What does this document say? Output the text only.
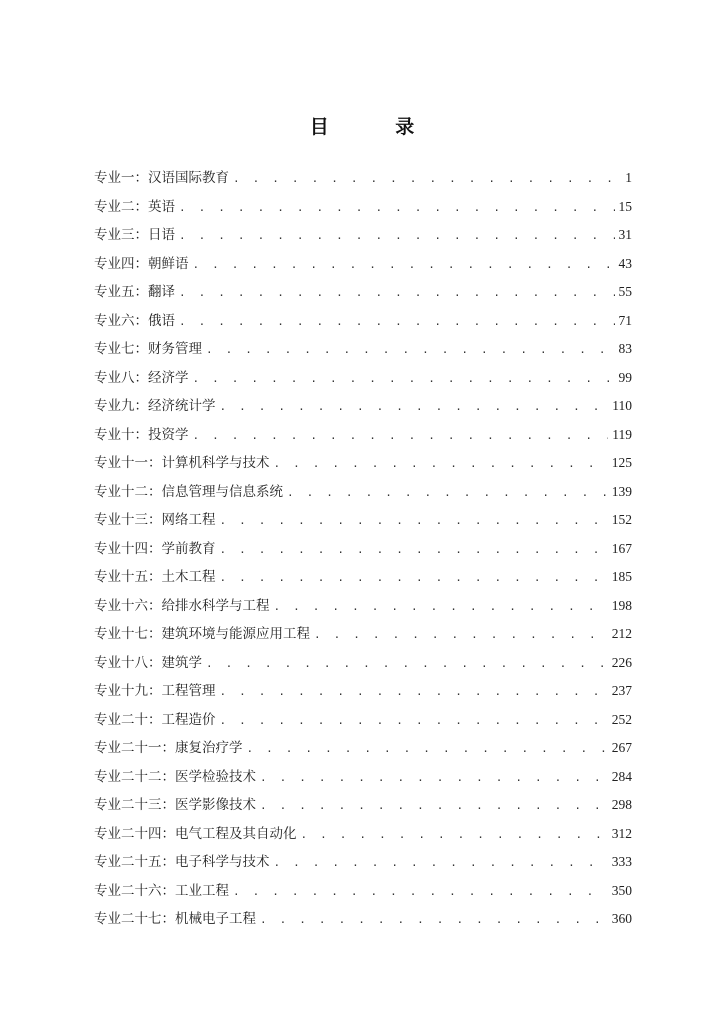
目 录
专业一：汉语国际教育 . . .	1
专业二：英语 . . .	15
专业三：日语 . . .	31
专业四：朝鲜语 . . .	43
专业五：翻译 . . .	55
专业六：俄语 . . .	71
专业七：财务管理 . . .	83
专业八：经济学 . . .	99
专业九：经济统计学 . . .	110
专业十：投资学 . . .	119
专业十一：计算机科学与技术 . . .	125
专业十二：信息管理与信息系统 . . .	139
专业十三：网络工程 . . .	152
专业十四：学前教育 . . .	167
专业十五：土木工程 . . .	185
专业十六：给排水科学与工程 . . .	198
专业十七：建筑环境与能源应用工程 . . .	212
专业十八：建筑学 . . .	226
专业十九：工程管理 . . .	237
专业二十：工程造价 . . .	252
专业二十一：康复治疗学 . . .	267
专业二十二：医学检验技术 . . .	284
专业二十三：医学影像技术 . . .	298
专业二十四：电气工程及其自动化 . . .	312
专业二十五：电子科学与技术 . . .	333
专业二十六：工业工程 . . .	350
专业二十七：机械电子工程 . . .	360
